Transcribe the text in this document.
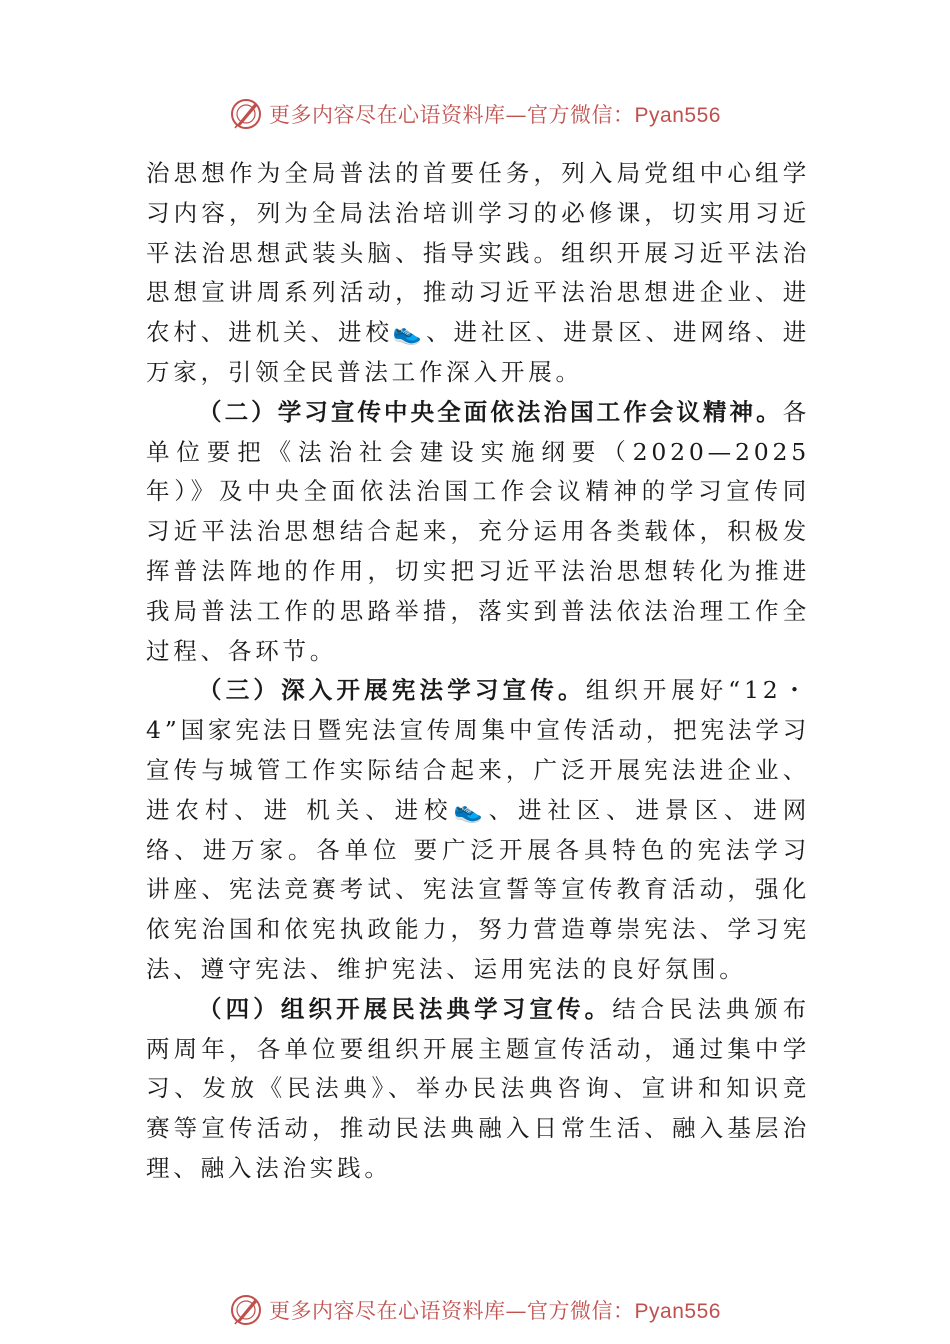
更多内容尽在心语资料库—官方微信：Pyan556

治思想作为全局普法的首要任务，列入局党组中心组学习内容，列为全局法治培训学习的必修课，切实用习近平法治思想武装头脑、指导实践。组织开展习近平法治思想宣讲周系列活动，推动习近平法治思想进企业、进农村、进机关、进校👟、进社区、进景区、进网络、进万家，引领全民普法工作深入开展。

（二）学习宣传中央全面依法治国工作会议精神。各单位要把《法治社会建设实施纲要（2020—2025 年）》及中央全面依法治国工作会议精神的学习宣传同习近平法治思想结合起来，充分运用各类载体，积极发挥普法阵地的作用，切实把习近平法治思想转化为推进我局普法工作的思路举措，落实到普法依法治理工作全过程、各环节。

（三）深入开展宪法学习宣传。组织开展好“12・4”国家宪法日暨宪法宣传周集中宣传活动，把宪法学习宣传与城管工作实际结合起来，广泛开展宪法进企业、进农村、进 机关、进校👟、进社区、进景区、进网络、进万家。各单位 要广泛开展各具特色的宪法学习讲座、宪法竞赛考试、宪法宣誓等宣传教育活动，强化依宪治国和依宪执政能力，努力营造尊崇宪法、学习宪法、遵守宪法、维护宪法、运用宪法的良好氛围。

（四）组织开展民法典学习宣传。结合民法典颁布两周年，各单位要组织开展主题宣传活动，通过集中学习、发放《民法典》、举办民法典咨询、宣讲和知识竞赛等宣传活动，推动民法典融入日常生活、融入基层治理、融入法治实践。

更多内容尽在心语资料库—官方微信：Pyan556
